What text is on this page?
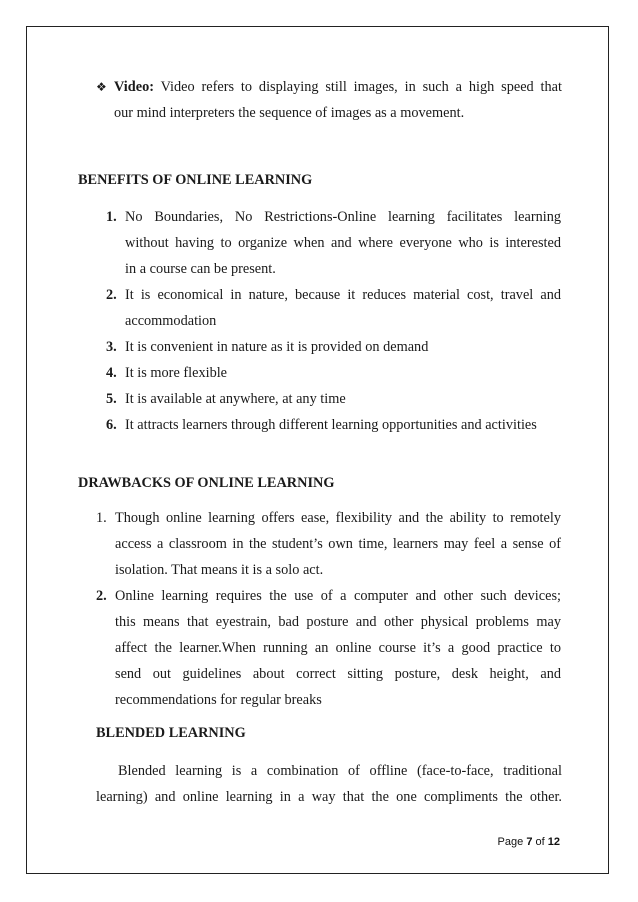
❖ Video: Video refers to displaying still images, in such a high speed that
our mind interpreters the sequence of images as a movement.
BENEFITS OF ONLINE LEARNING
1. No Boundaries, No Restrictions-Online learning facilitates learning
without having to organize when and where everyone who is interested
in a course can be present.
2. It is economical in nature, because it reduces material cost, travel and
accommodation
3. It is convenient in nature as it is provided on demand
4. It is more flexible
5. It is available at anywhere, at any time
6. It attracts learners through different learning opportunities and activities
DRAWBACKS OF ONLINE LEARNING
1. Though online learning offers ease, flexibility and the ability to remotely
access a classroom in the student’s own time, learners may feel a sense of
isolation. That means it is a solo act.
2. Online learning requires the use of a computer and other such devices;
this means that eyestrain, bad posture and other physical problems may
affect the learner.When running an online course it’s a good practice to
send out guidelines about correct sitting posture, desk height, and
recommendations for regular breaks
BLENDED LEARNING
Blended learning is a combination of offline (face-to-face, traditional
learning) and online learning in a way that the one compliments the other.
Page 7 of 12
